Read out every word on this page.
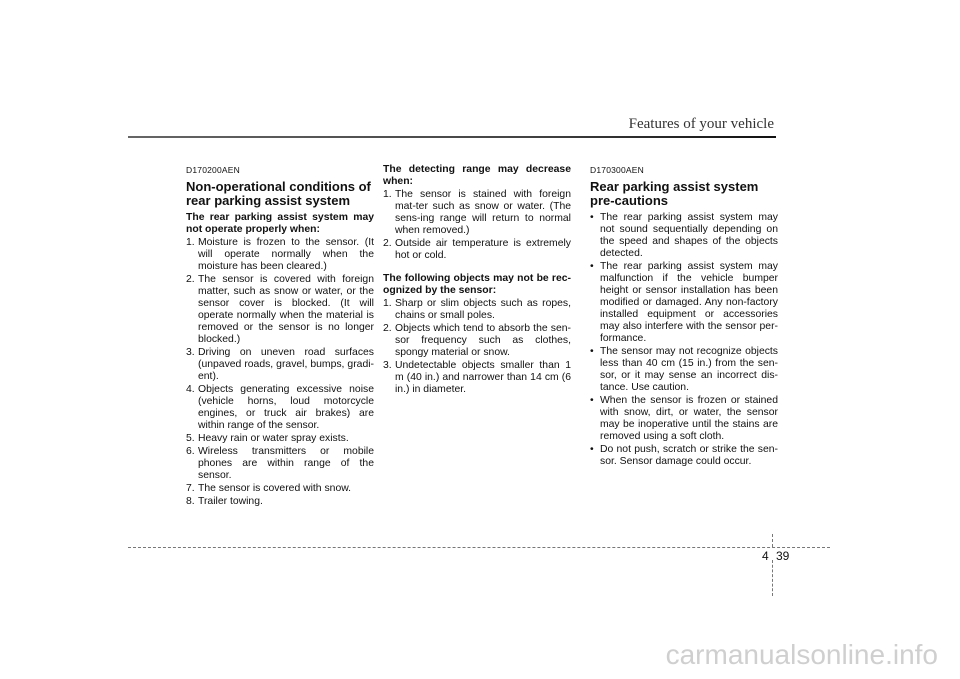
Features of your vehicle
D170200AEN
Non-operational conditions of rear parking assist system
The rear parking assist system may not operate properly when:
1. Moisture is frozen to the sensor. (It will operate normally when the moisture has been cleared.)
2. The sensor is covered with foreign matter, such as snow or water, or the sensor cover is blocked. (It will operate normally when the material is removed or the sensor is no longer blocked.)
3. Driving on uneven road surfaces (unpaved roads, gravel, bumps, gradi-ent).
4. Objects generating excessive noise (vehicle horns, loud motorcycle engines, or truck air brakes) are within range of the sensor.
5. Heavy rain or water spray exists.
6. Wireless transmitters or mobile phones are within range of the sensor.
7. The sensor is covered with snow.
8. Trailer towing.
The detecting range may decrease when:
1. The sensor is stained with foreign mat-ter such as snow or water. (The sens-ing range will return to normal when removed.)
2. Outside air temperature is extremely hot or cold.
The following objects may not be rec-ognized by the sensor:
1. Sharp or slim objects such as ropes, chains or small poles.
2. Objects which tend to absorb the sen-sor frequency such as clothes, spongy material or snow.
3. Undetectable objects smaller than 1 m (40 in.) and narrower than 14 cm (6 in.) in diameter.
D170300AEN
Rear parking assist system pre-cautions
• The rear parking assist system may not sound sequentially depending on the speed and shapes of the objects detected.
• The rear parking assist system may malfunction if the vehicle bumper height or sensor installation has been modified or damaged. Any non-factory installed equipment or accessories may also interfere with the sensor per-formance.
• The sensor may not recognize objects less than 40 cm (15 in.) from the sen-sor, or it may sense an incorrect dis-tance. Use caution.
• When the sensor is frozen or stained with snow, dirt, or water, the sensor may be inoperative until the stains are removed using a soft cloth.
• Do not push, scratch or strike the sen-sor. Sensor damage could occur.
4 39
carmanualsonline.info
